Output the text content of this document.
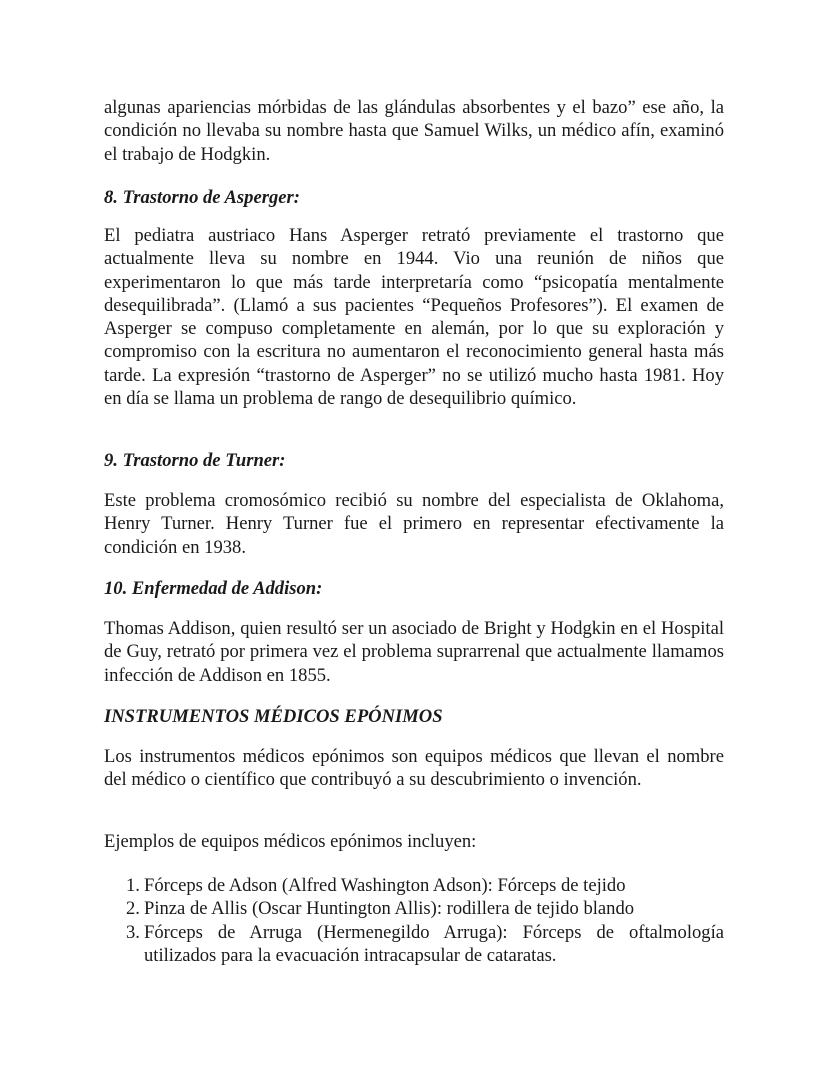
algunas apariencias mórbidas de las glándulas absorbentes y el bazo” ese año, la condición no llevaba su nombre hasta que Samuel Wilks, un médico afín, examinó el trabajo de Hodgkin.

8. Trastorno de Asperger:

El pediatra austriaco Hans Asperger retrató previamente el trastorno que actualmente lleva su nombre en 1944. Vio una reunión de niños que experimentaron lo que más tarde interpretaría como “psicopatía mentalmente desequilibrada”. (Llamó a sus pacientes “Pequeños Profesores”). El examen de Asperger se compuso completamente en alemán, por lo que su exploración y compromiso con la escritura no aumentaron el reconocimiento general hasta más tarde. La expresión “trastorno de Asperger” no se utilizó mucho hasta 1981. Hoy en día se llama un problema de rango de desequilibrio químico.

9. Trastorno de Turner:

Este problema cromosómico recibió su nombre del especialista de Oklahoma, Henry Turner. Henry Turner fue el primero en representar efectivamente la condición en 1938.

10. Enfermedad de Addison:

Thomas Addison, quien resultó ser un asociado de Bright y Hodgkin en el Hospital de Guy, retrató por primera vez el problema suprarrenal que actualmente llamamos infección de Addison en 1855.

INSTRUMENTOS MÉDICOS EPÓNIMOS

Los instrumentos médicos epónimos son equipos médicos que llevan el nombre del médico o científico que contribuyó a su descubrimiento o invención.

Ejemplos de equipos médicos epónimos incluyen:

1. Fórceps de Adson (Alfred Washington Adson): Fórceps de tejido
2. Pinza de Allis (Oscar Huntington Allis): rodillera de tejido blando
3. Fórceps de Arruga (Hermenegildo Arruga): Fórceps de oftalmología utilizados para la evacuación intracapsular de cataratas.
